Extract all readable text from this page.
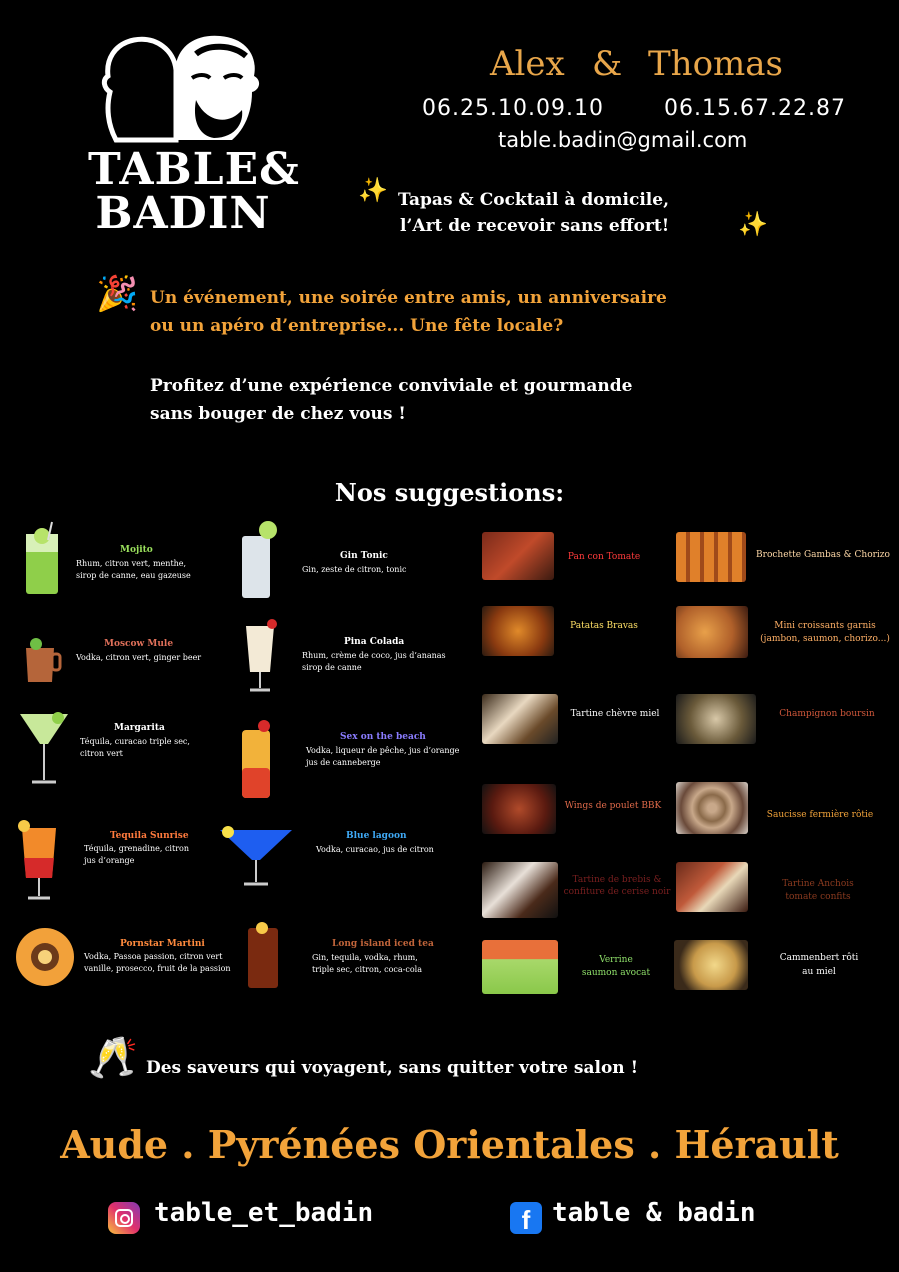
TABLE&
BADIN
Alex & Thomas
06.25.10.09.10	06.15.67.22.87
table.badin@gmail.com
✨ Tapas & Cocktail à domicile,
l’Art de recevoir sans effort!	✨
🎉 Un événement, une soirée entre amis, un anniversaire
ou un apéro d’entreprise... Une fête locale?
Profitez d’une expérience conviviale et gourmande
sans bouger de chez vous !
Nos suggestions:
Mojito
Rhum, citron vert, menthe,
sirop de canne, eau gazeuse
Moscow Mule
Vodka, citron vert, ginger beer
Margarita
Téquila, curacao triple sec,
citron vert
Tequila Sunrise
Téquila, grenadine, citron
jus d’orange
Pornstar Martini
Vodka, Passoa passion, citron vert
vanille, prosecco, fruit de la passion
Gin Tonic
Gin, zeste de citron, tonic
Pina Colada
Rhum, crème de coco, jus d’ananas
sirop de canne
Sex on the beach
Vodka, liqueur de pêche, jus d’orange
jus de canneberge
Blue lagoon
Vodka, curacao, jus de citron
Long island iced tea
Gin, tequila, vodka, rhum,
triple sec, citron, coca-cola
Pan con Tomate
Patatas Bravas
Tartine chèvre miel
Wings de poulet BBK
Tartine de brebis &
confiture de cerise noir
Verrine
saumon avocat
Brochette Gambas & Chorizo
Mini croissants garnis
(jambon, saumon, chorizo...)
Champignon boursin
Saucisse fermière rôtie
Tartine Anchois
tomate confits
Cammenbert rôti
au miel
🥂 Des saveurs qui voyagent, sans quitter votre salon !
Aude . Pyrénées Orientales . Hérault
table_et_badin	f table & badin
